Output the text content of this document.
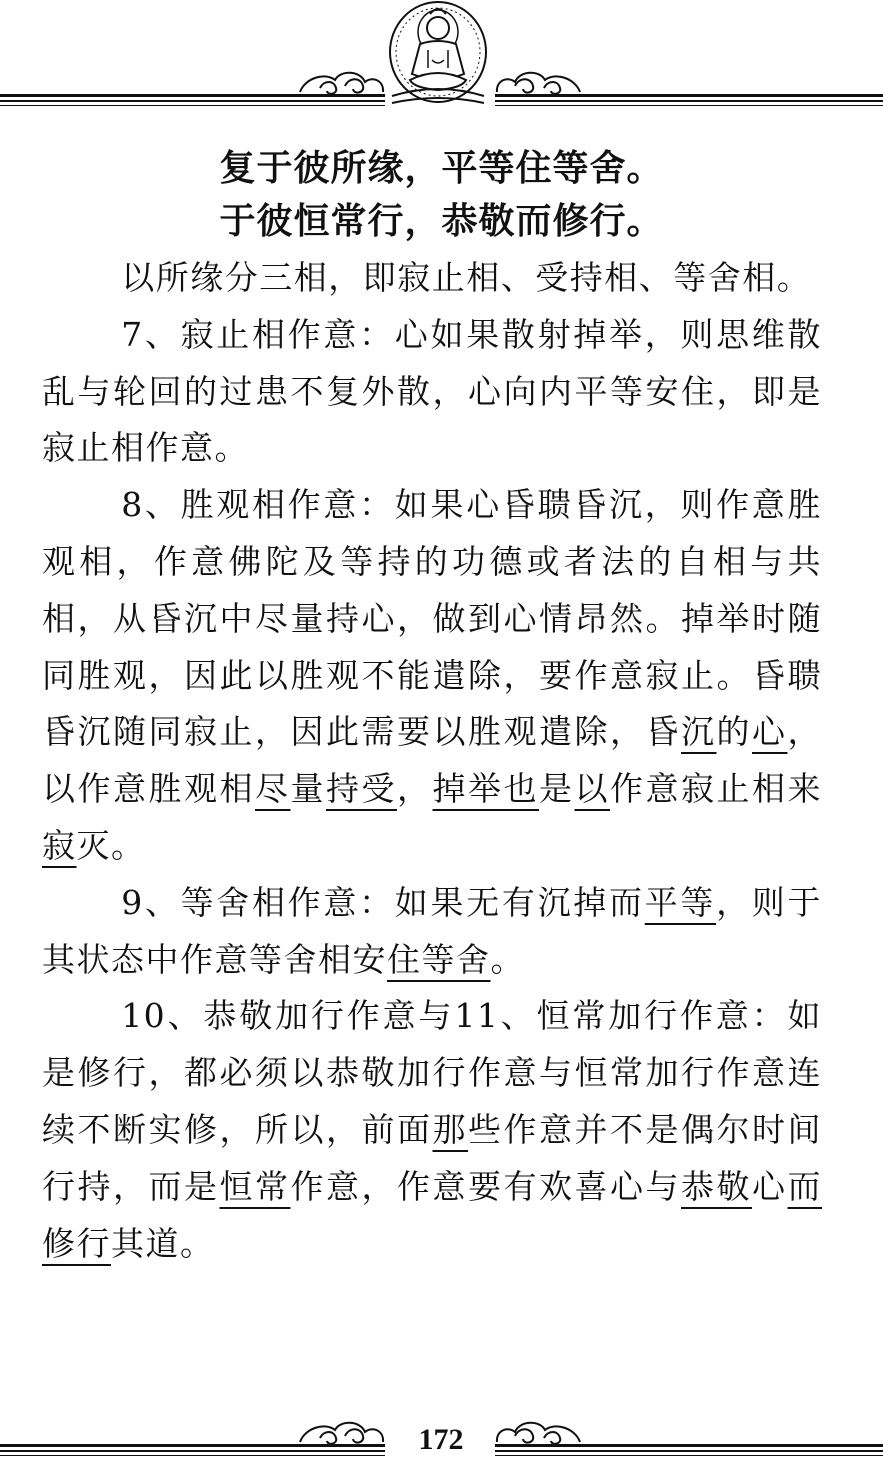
复于彼所缘，平等住等舍。
于彼恒常行，恭敬而修行。

以所缘分三相，即寂止相、受持相、等舍相。

7、寂止相作意：心如果散射掉举，则思维散乱与轮回的过患不复外散，心向内平等安住，即是寂止相作意。

8、胜观相作意：如果心昏聩昏沉，则作意胜观相，作意佛陀及等持的功德或者法的自相与共相，从昏沉中尽量持心，做到心情昂然。掉举时随同胜观，因此以胜观不能遣除，要作意寂止。昏聩昏沉随同寂止，因此需要以胜观遣除，昏沉的心，以作意胜观相尽量持受，掉举也是以作意寂止相来寂灭。

9、等舍相作意：如果无有沉掉而平等，则于其状态中作意等舍相安住等舍。

10、恭敬加行作意与11、恒常加行作意：如是修行，都必须以恭敬加行作意与恒常加行作意连续不断实修，所以，前面那些作意并不是偶尔时间行持，而是恒常作意，作意要有欢喜心与恭敬心而修行其道。

172
